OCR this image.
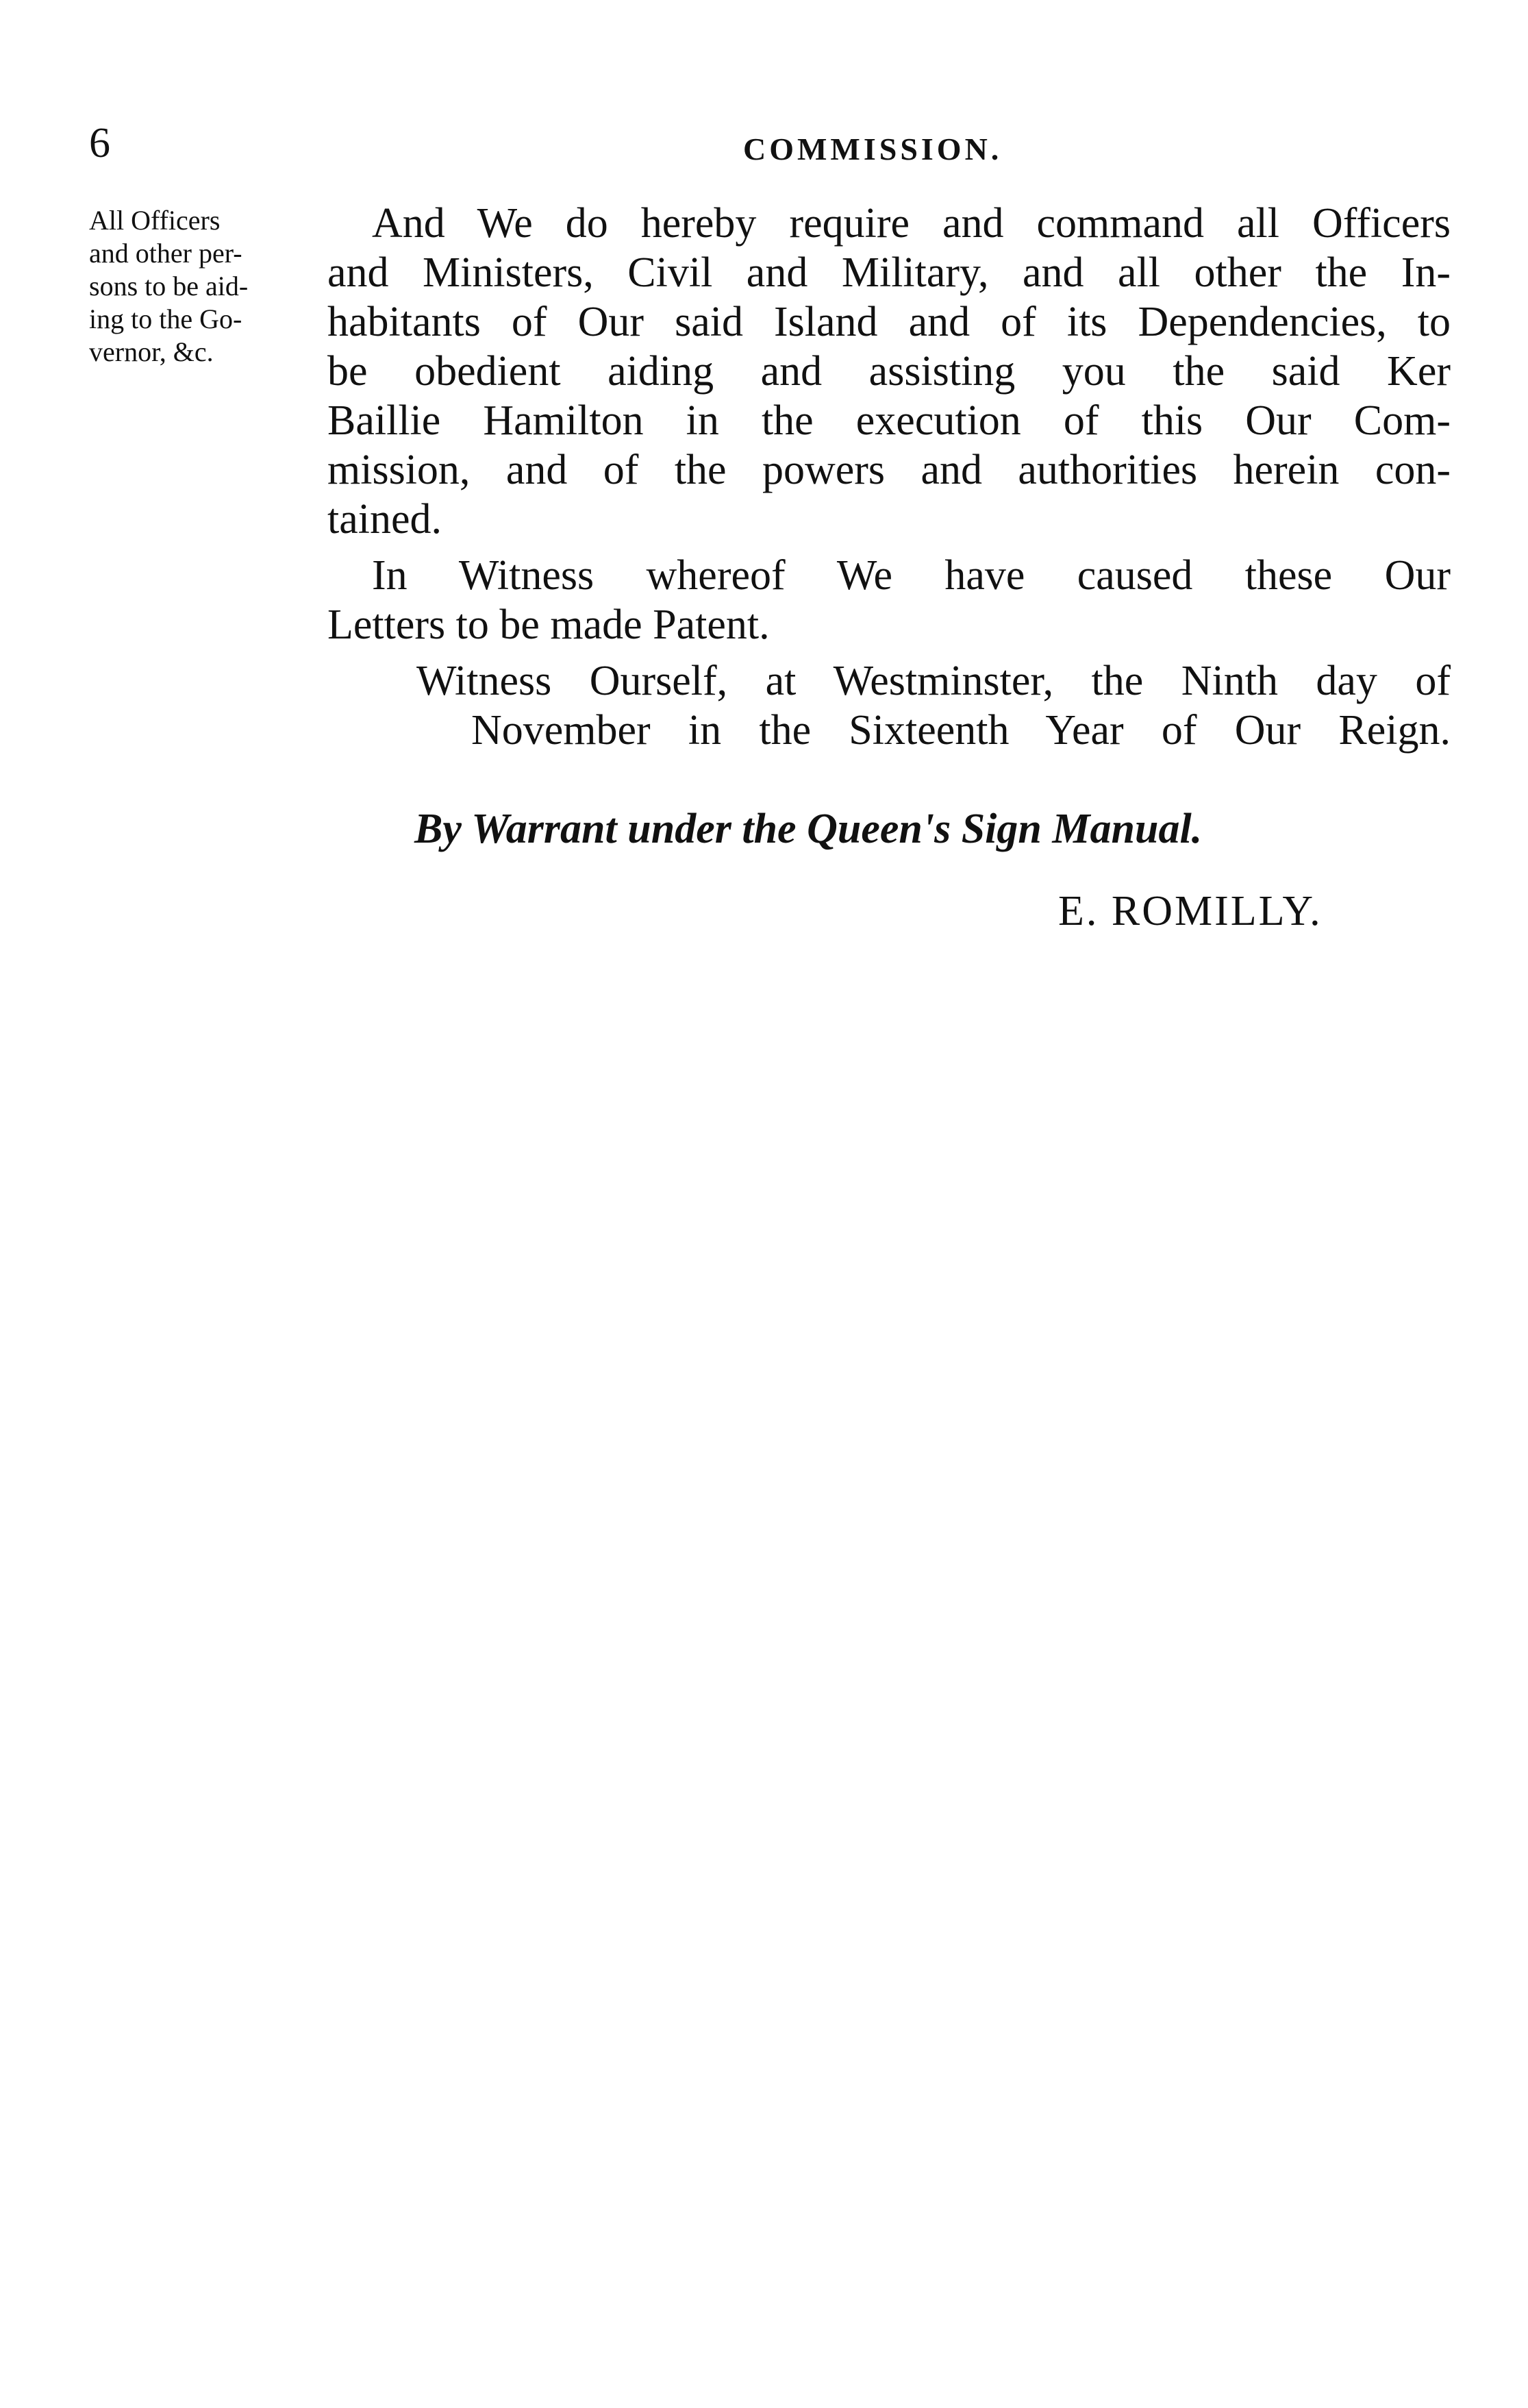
6	COMMISSION.
All Officers
and other per-
sons to be aid-
ing to the Go-
vernor, &c.
And We do hereby require and command all Officers
and Ministers, Civil and Military, and all other the In-
habitants of Our said Island and of its Dependencies, to
be obedient aiding and assisting you the said Ker
Baillie Hamilton in the execution of this Our Com-
mission, and of the powers and authorities herein con-
tained.
In Witness whereof We have caused these Our
Letters to be made Patent.
Witness Ourself, at Westminster, the Ninth day of
November in the Sixteenth Year of Our Reign.
By Warrant under the Queen's Sign Manual.
E. ROMILLY.
